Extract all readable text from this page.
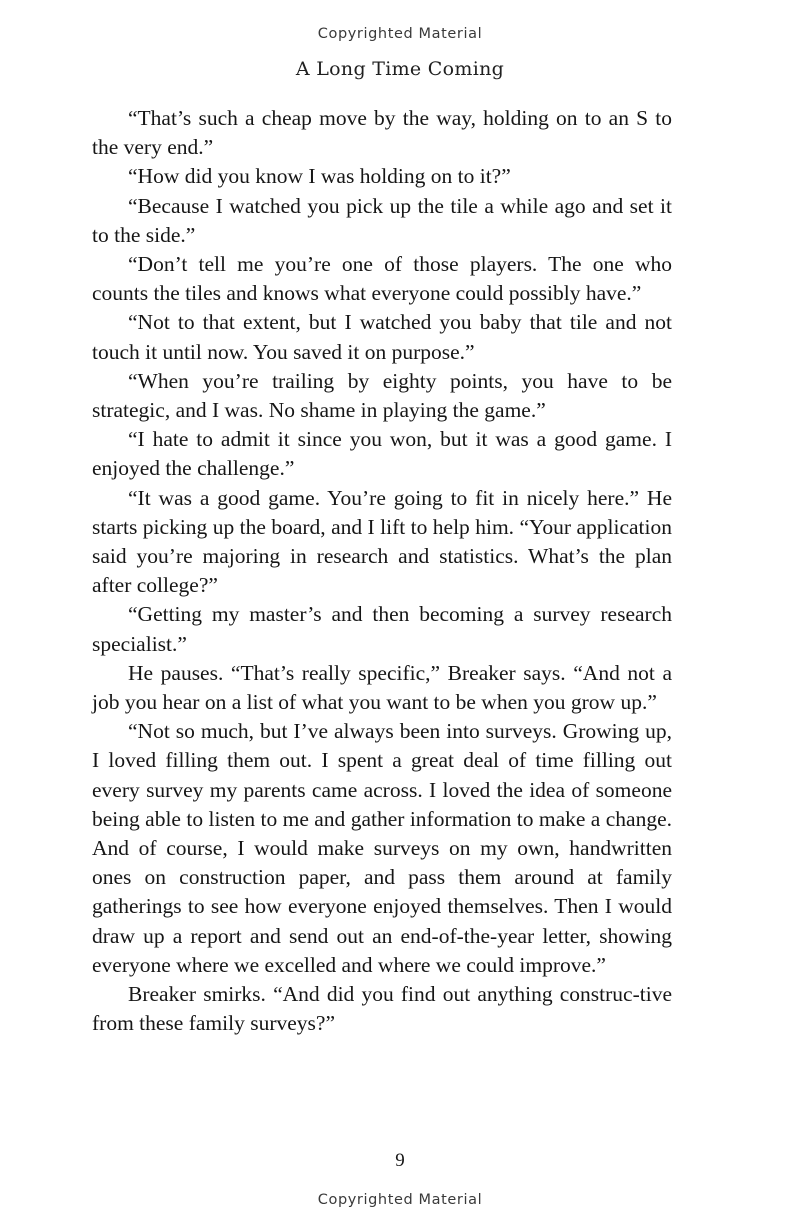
Copyrighted Material
A Long Time Coming

“That’s such a cheap move by the way, holding on to an S to the very end.”

“How did you know I was holding on to it?”

“Because I watched you pick up the tile a while ago and set it to the side.”

“Don’t tell me you’re one of those players. The one who counts the tiles and knows what everyone could possibly have.”

“Not to that extent, but I watched you baby that tile and not touch it until now. You saved it on purpose.”

“When you’re trailing by eighty points, you have to be strategic, and I was. No shame in playing the game.”

“I hate to admit it since you won, but it was a good game. I enjoyed the challenge.”

“It was a good game. You’re going to fit in nicely here.” He starts picking up the board, and I lift to help him. “Your application said you’re majoring in research and statistics. What’s the plan after college?”

“Getting my master’s and then becoming a survey research specialist.”

He pauses. “That’s really specific,” Breaker says. “And not a job you hear on a list of what you want to be when you grow up.”

“Not so much, but I’ve always been into surveys. Growing up, I loved filling them out. I spent a great deal of time filling out every survey my parents came across. I loved the idea of someone being able to listen to me and gather information to make a change. And of course, I would make surveys on my own, handwritten ones on construction paper, and pass them around at family gatherings to see how everyone enjoyed themselves. Then I would draw up a report and send out an end-of-the-year letter, showing everyone where we excelled and where we could improve.”

Breaker smirks. “And did you find out anything construc-tive from these family surveys?”

9
Copyrighted Material
